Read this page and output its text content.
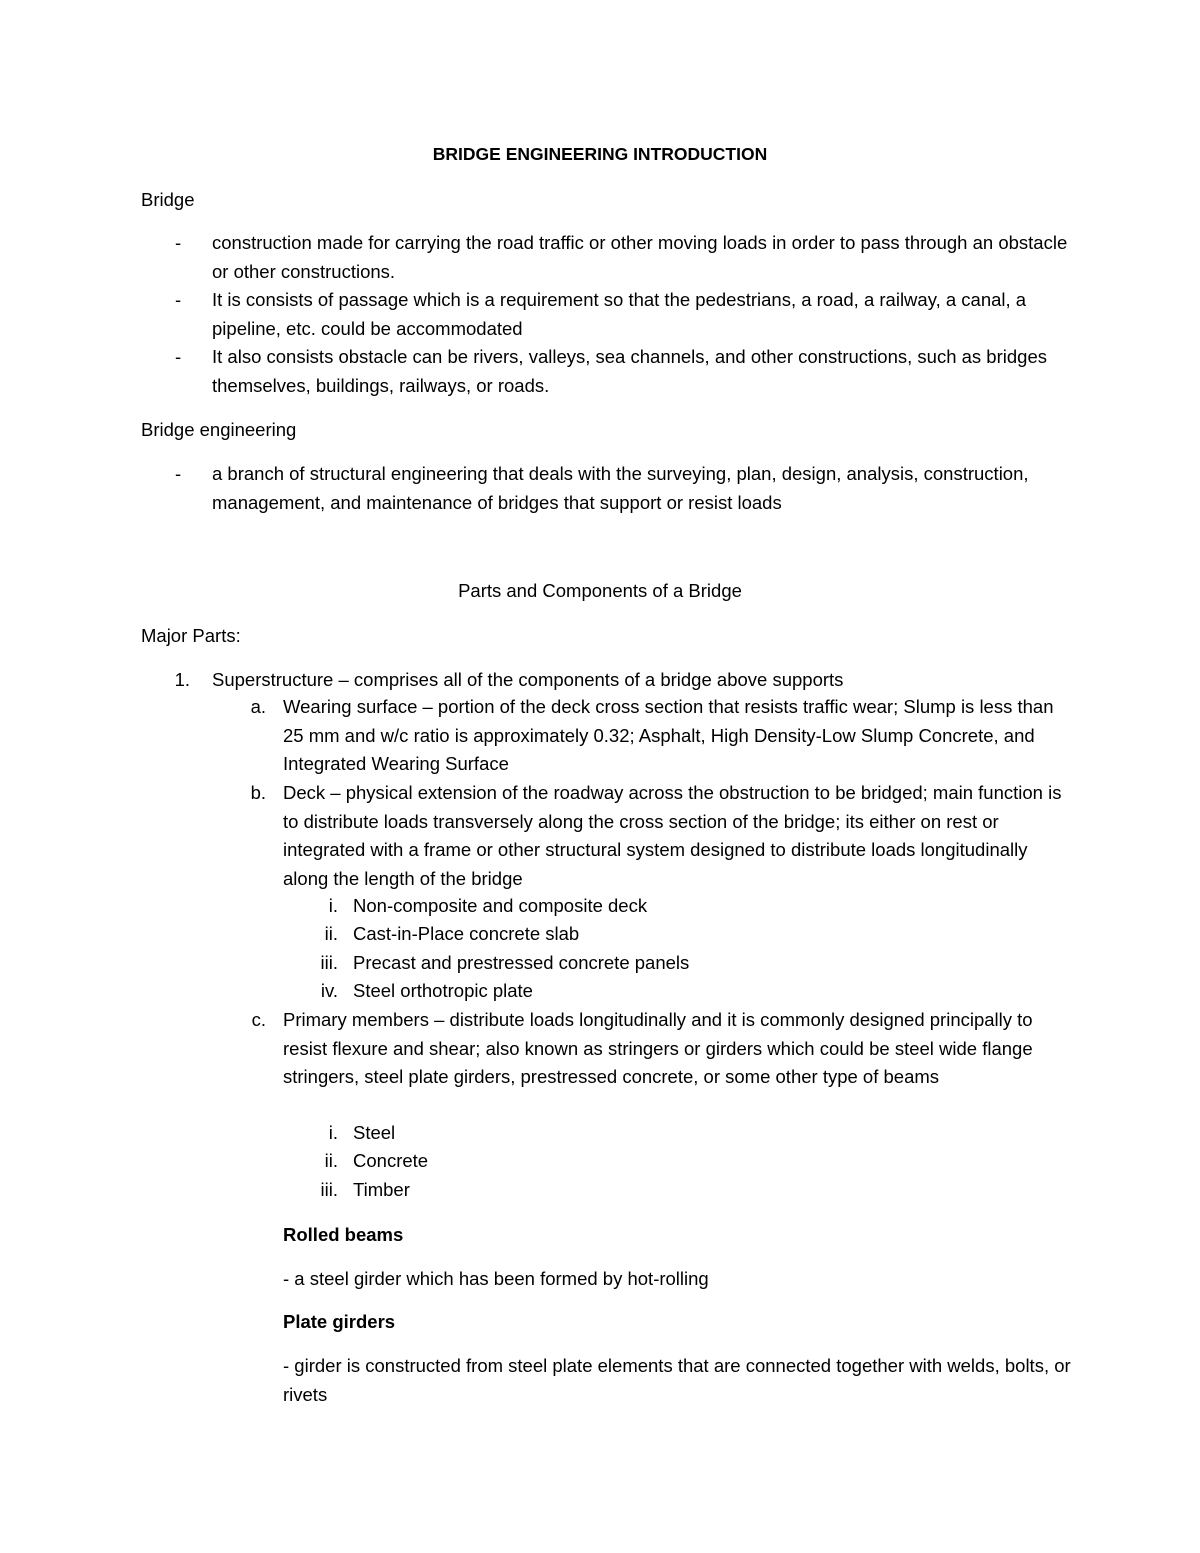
BRIDGE ENGINEERING INTRODUCTION
Bridge
-	construction made for carrying the road traffic or other moving loads in order to pass through an obstacle or other constructions.
-	It is consists of passage which is a requirement so that the pedestrians, a road, a railway, a canal, a pipeline, etc. could be accommodated
-	It also consists obstacle can be rivers, valleys, sea channels, and other constructions, such as bridges themselves, buildings, railways, or roads.
Bridge engineering
-	a branch of structural engineering that deals with the surveying, plan, design, analysis, construction, management, and maintenance of bridges that support or resist loads
Parts and Components of a Bridge
Major Parts:
1. Superstructure – comprises all of the components of a bridge above supports
a. Wearing surface – portion of the deck cross section that resists traffic wear; Slump is less than 25 mm and w/c ratio is approximately 0.32; Asphalt, High Density-Low Slump Concrete, and Integrated Wearing Surface
b. Deck – physical extension of the roadway across the obstruction to be bridged; main function is to distribute loads transversely along the cross section of the bridge; its either on rest or integrated with a frame or other structural system designed to distribute loads longitudinally along the length of the bridge
i. Non-composite and composite deck
ii. Cast-in-Place concrete slab
iii. Precast and prestressed concrete panels
iv. Steel orthotropic plate
c. Primary members – distribute loads longitudinally and it is commonly designed principally to resist flexure and shear; also known as stringers or girders which could be steel wide flange stringers, steel plate girders, prestressed concrete, or some other type of beams
i. Steel
ii. Concrete
iii. Timber
Rolled beams
- a steel girder which has been formed by hot-rolling
Plate girders
- girder is constructed from steel plate elements that are connected together with welds, bolts, or rivets
